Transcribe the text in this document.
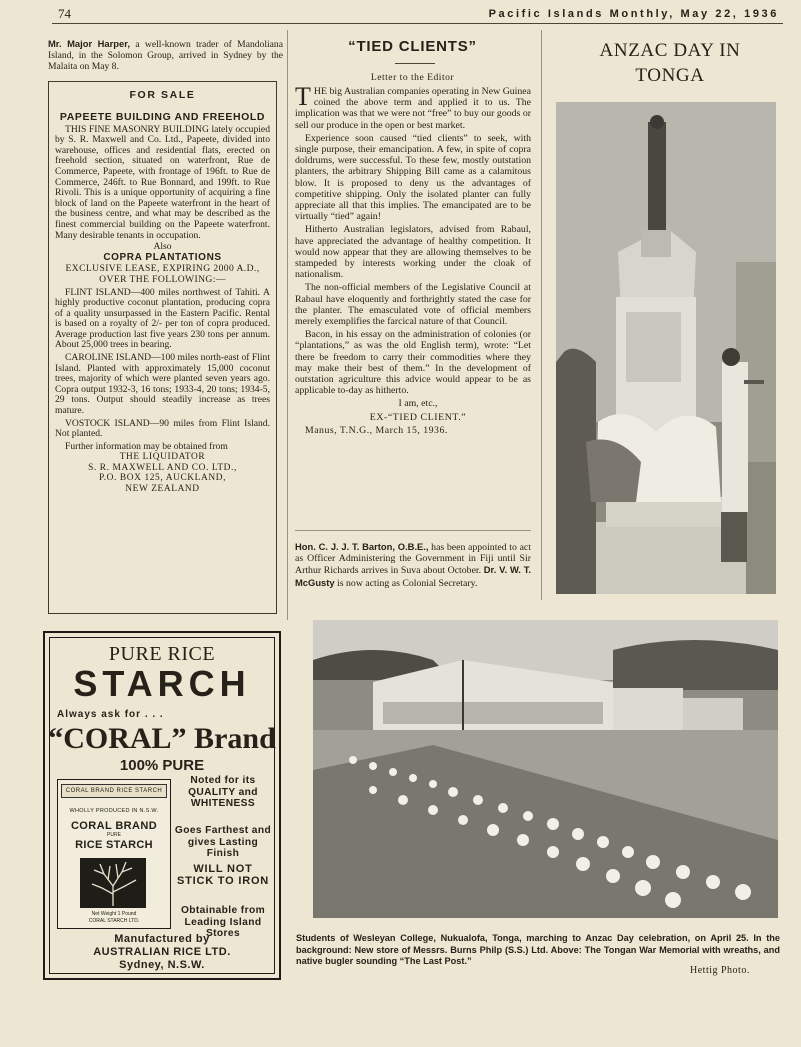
74	Pacific Islands Monthly, May 22, 1936
Mr. Major Harper, a well-known trader of Mandoliana Island, in the Solomon Group, arrived in Sydney by the Malaita on May 8.
FOR SALE
PAPEETE BUILDING AND FREEHOLD

THIS FINE MASONRY BUILDING lately occupied by S. R. Maxwell and Co. Ltd., Papeete, divided into warehouse, offices and residential flats, erected on freehold section, situated on waterfront, Rue de Commerce, Papeete, with frontage of 196ft. to Rue de Commerce, 246ft. to Rue Bonnard, and 199ft. to Rue Rivoli. This is a unique opportunity of acquiring a fine block of land on the Papeete waterfront in the heart of the business centre, and what may be described as the finest commercial building on the Papeete waterfront. Many desirable tenants in occupation.

Also

COPRA PLANTATIONS

EXCLUSIVE LEASE, EXPIRING 2000 A.D., OVER THE FOLLOWING:—

FLINT ISLAND—400 miles northwest of Tahiti. A highly productive coconut plantation, producing copra of a quality unsurpassed in the Eastern Pacific. Rental is based on a royalty of 2/- per ton of copra produced. Average production last five years 230 tons per annum. About 25,000 trees in bearing.

CAROLINE ISLAND—100 miles north-east of Flint Island. Planted with approximately 15,000 coconut trees, majority of which were planted seven years ago. Copra output 1932-3, 16 tons; 1933-4, 20 tons; 1934-5, 29 tons. Output should steadily increase as trees mature.

VOSTOCK ISLAND—90 miles from Flint Island. Not planted.

Further information may be obtained from

THE LIQUIDATOR

S. R. MAXWELL AND CO. LTD.,

P.O. BOX 125, AUCKLAND,

NEW ZEALAND

PURE RICE
STARCH
Always ask for . . .
“CORAL” Brand
100% PURE
CORAL BRAND RICE STARCH
WHOLLY PRODUCED IN N.S.W.
CORAL BRAND
PURE
RICE STARCH
Net Weight 1 Pound
CORAL STARCH LTD.
Noted for its QUALITY and WHITENESS
Goes Farthest and gives Lasting Finish
WILL NOT STICK TO IRON
Obtainable from Leading Island Stores
Manufactured by
AUSTRALIAN RICE LTD.
Sydney, N.S.W.
“TIED CLIENTS”
Letter to the Editor

THE big Australian companies operating in New Guinea coined the above term and applied it to us. The implication was that we were not “free” to buy our goods or sell our produce in the open or best market.

Experience soon caused “tied clients” to seek, with single purpose, their emancipation. A few, in spite of copra doldrums, were successful. To these few, mostly outstation planters, the arbitrary Shipping Bill came as a calamitous blow. It is proposed to deny us the advantages of competitive shipping. Only the isolated planter can fully appreciate all that this implies. The emancipated are to be virtually “tied” again!

Hitherto Australian legislators, advised from Rabaul, have appreciated the advantage of healthy competition. It would now appear that they are allowing themselves to be stampeded by interests working under the cloak of nationalism.

The non-official members of the Legislative Council at Rabaul have eloquently and forthrightly stated the case for the planter. The emasculated vote of official members merely exemplifies the farcical nature of that Council.

Bacon, in his essay on the administration of colonies (or “plantations,” as was the old English term), wrote: “Let there be freedom to carry their commodities where they may make their best of them.” In the development of outstation agriculture this advice would appear to be as applicable to-day as hitherto.

I am, etc.,

EX-“TIED CLIENT.”

Manus, T.N.G., March 15, 1936.

Hon. C. J. J. T. Barton, O.B.E., has been appointed to act as Officer Administering the Government in Fiji until Sir Arthur Richards arrives in Suva about October. Dr. V. W. T. McGusty is now acting as Colonial Secretary.
ANZAC DAY IN
TONGA
Students of Wesleyan College, Nukualofa, Tonga, marching to Anzac Day celebration, on April 25. In the background: New store of Messrs. Burns Philp (S.S.) Ltd. Above: The Tongan War Memorial with wreaths, and native bugler sounding “The Last Post.”
Hettig Photo.
